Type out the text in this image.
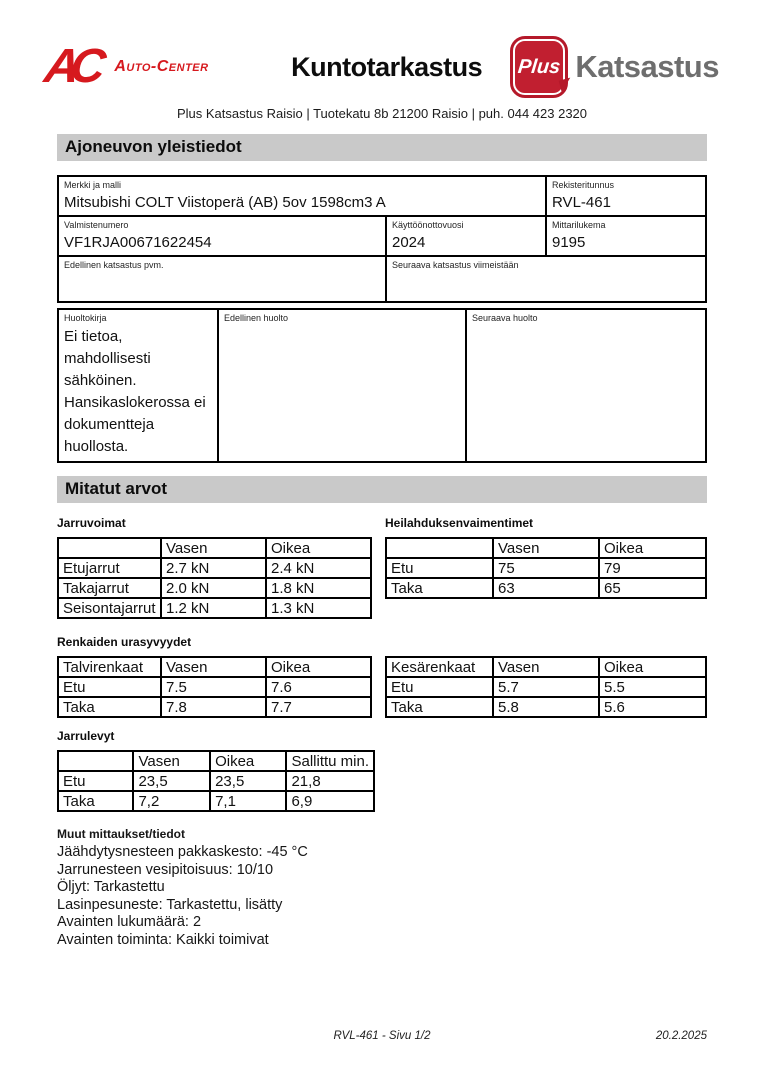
AC Auto-Center	Kuntotarkastus	Plus Katsastus
Plus Katsastus Raisio | Tuotekatu 8b 21200 Raisio | puh. 044 423 2320
Ajoneuvon yleistiedot
Merkki ja malli
Mitsubishi COLT Viistoperä (AB) 5ov 1598cm3 A
Rekisteritunnus
RVL-461
Valmistenumero
VF1RJA00671622454
Käyttöönottovuosi
2024
Mittarilukema
9195
Edellinen katsastus pvm.	Seuraava katsastus viimeistään
Huoltokirja
Ei tietoa, mahdollisesti sähköinen. Hansikaslokerossa ei dokumentteja huollosta.
Edellinen huolto	Seuraava huolto
Mitatut arvot
Jarruvoimat	Heilahduksenvaimentimet
	Vasen	Oikea
Etujarrut	2.7 kN	2.4 kN
Takajarrut	2.0 kN	1.8 kN
Seisontajarrut	1.2 kN	1.3 kN
	Vasen	Oikea
Etu	75	79
Taka	63	65
Renkaiden urasyvyydet
Talvirenkaat	Vasen	Oikea
Etu	7.5	7.6
Taka	7.8	7.7
Kesärenkaat	Vasen	Oikea
Etu	5.7	5.5
Taka	5.8	5.6
Jarrulevyt
	Vasen	Oikea	Sallittu min.
Etu	23,5	23,5	21,8
Taka	7,2	7,1	6,9
Muut mittaukset/tiedot
Jäähdytysnesteen pakkaskesto: -45 °C
Jarrunesteen vesipitoisuus: 10/10
Öljyt: Tarkastettu
Lasinpesuneste: Tarkastettu, lisätty
Avainten lukumäärä: 2
Avainten toiminta: Kaikki toimivat
RVL-461 - Sivu 1/2	20.2.2025
